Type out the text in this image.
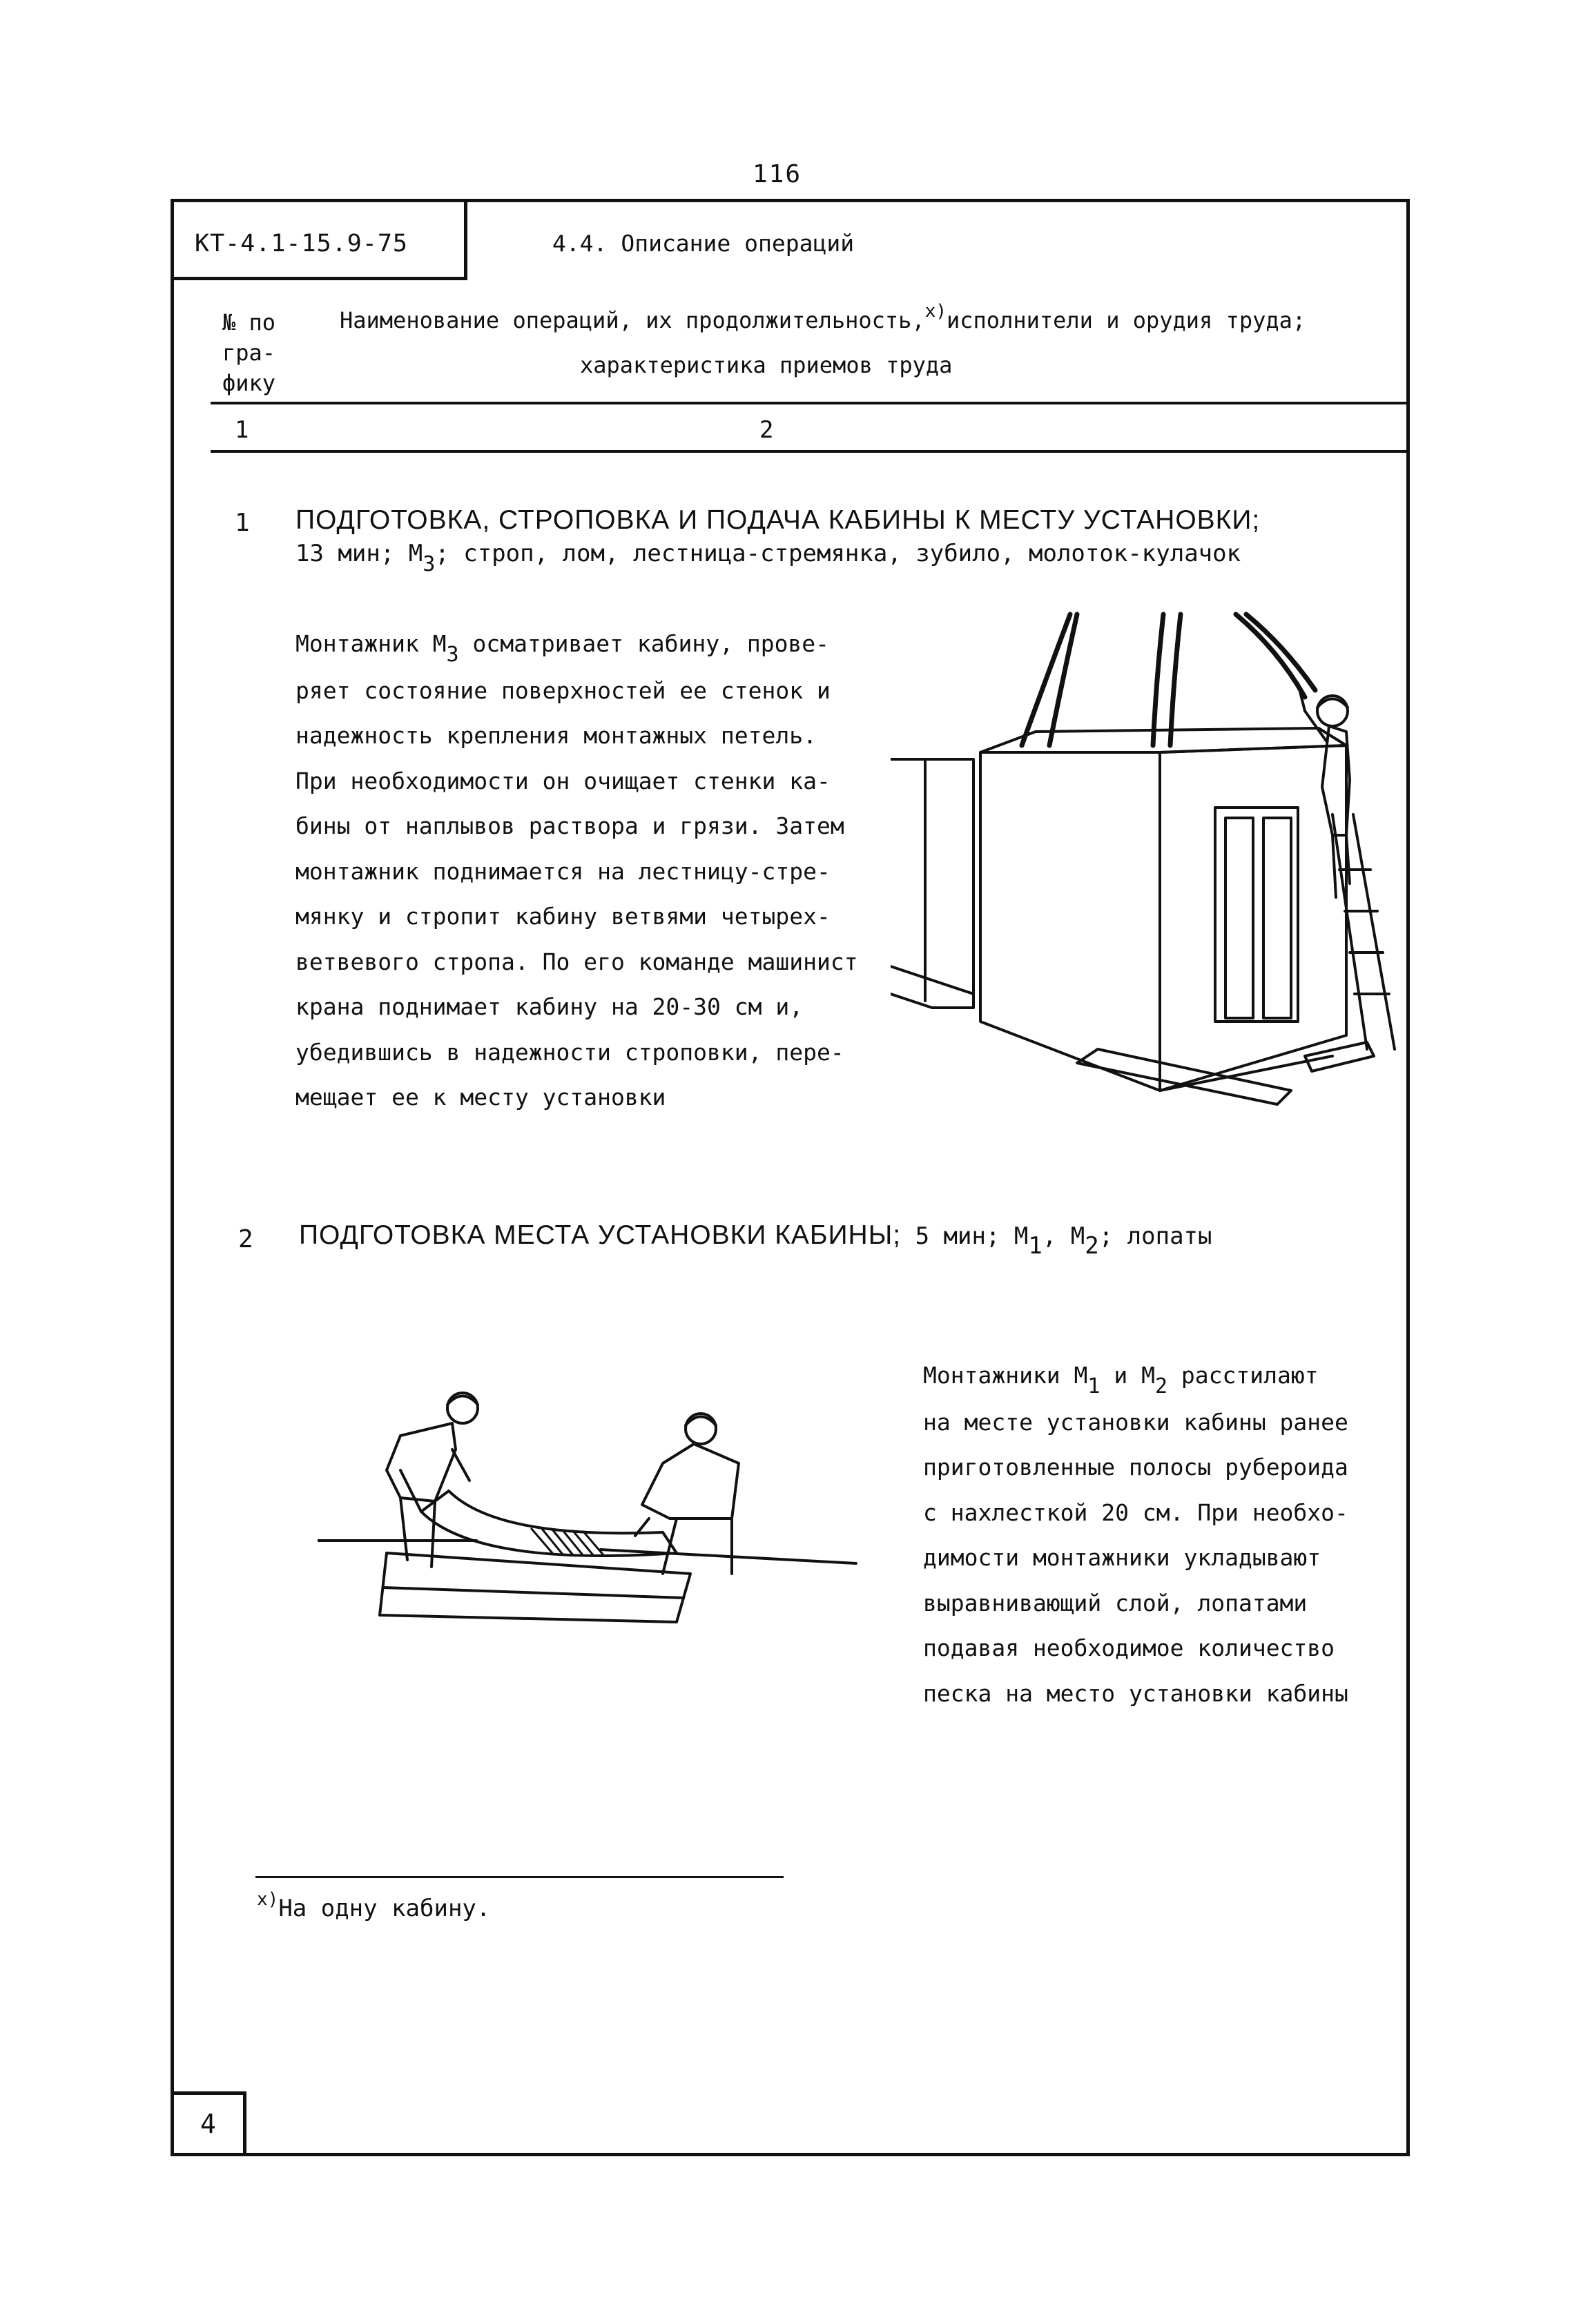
116
КТ-4.1-15.9-75	4.4. Описание операций
№ по
гра-
фику
Наименование операций, их продолжительность,$^{x)}$исполнители и орудия труда;
характеристика приемов труда
1	2
1 ПОДГОТОВКА, СТРОПОВКА И ПОДАЧА КАБИНЫ К МЕСТУ УСТАНОВКИ;
13 мин; М3; строп, лом, лестница-стремянка, зубило, молоток-кулачок
Монтажник М3 осматривает кабину, прове-
ряет состояние поверхностей ее стенок и
надежность крепления монтажных петель.
При необходимости он очищает стенки ка-
бины от наплывов раствора и грязи. Затем
монтажник поднимается на лестницу-стре-
мянку и стропит кабину ветвями четырех-
ветвевого стропа. По его команде машинист
крана поднимает кабину на 20-30 см и,
убедившись в надежности строповки, пере-
мещает ее к месту установки
2 ПОДГОТОВКА МЕСТА УСТАНОВКИ КАБИНЫ; 5 мин; М1, М2; лопаты
Монтажники М1 и М2 расстилают
на месте установки кабины ранее
приготовленные полосы рубероида
с нахлесткой 20 см. При необхо-
димости монтажники укладывают
выравнивающий слой, лопатами
подавая необходимое количество
песка на место установки кабины
$^{x)}$На одну кабину.
4
